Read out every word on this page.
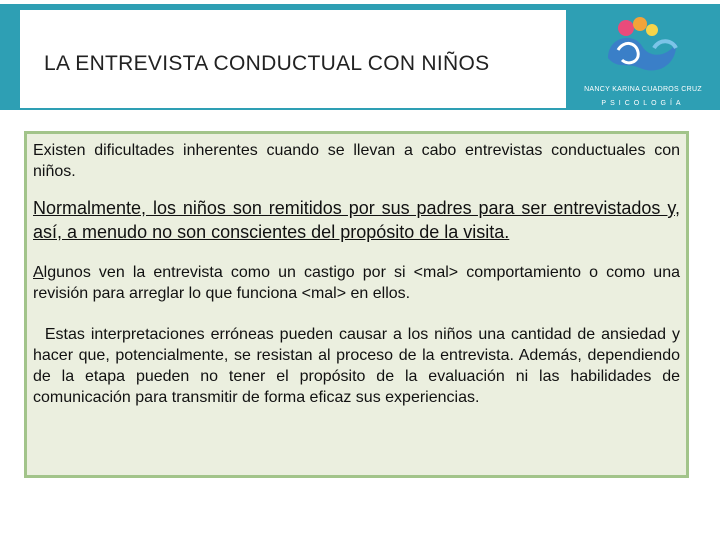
LA ENTREVISTA CONDUCTUAL CON NIÑOS
NANCY KARINA CUADROS CRUZ
PSICOLOGÍA

Existen dificultades inherentes cuando se llevan a cabo entrevistas conductuales con niños.

Normalmente, los niños son remitidos por sus padres para ser entrevistados y, así, a menudo no son conscientes del propósito de la visita.

Algunos ven la entrevista como un castigo por si <mal> comportamiento o como una revisión para arreglar lo que funciona <mal> en ellos.

Estas interpretaciones erróneas pueden causar a los niños una cantidad de ansiedad y hacer que, potencialmente, se resistan al proceso de la entrevista. Además, dependiendo de la etapa pueden no tener el propósito de la evaluación ni las habilidades de comunicación para transmitir de forma eficaz sus experiencias.
